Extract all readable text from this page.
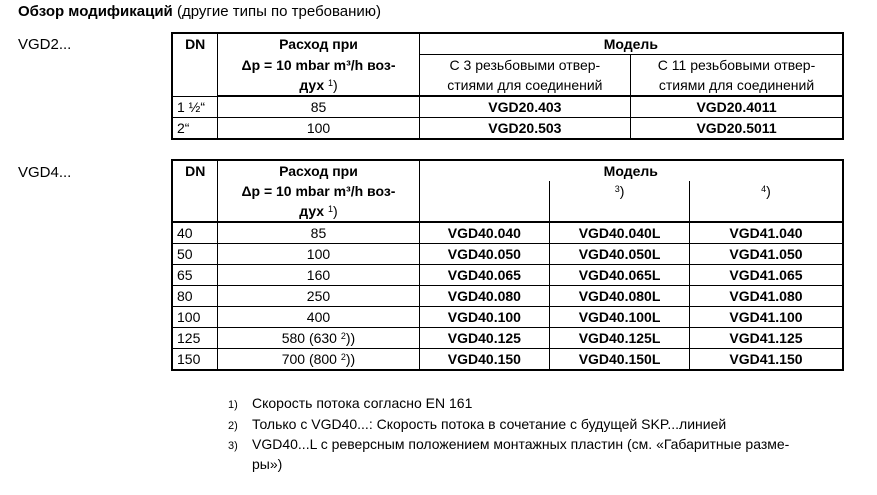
Обзор модификаций (другие типы по требованию)
VGD2...	DN	Расход при	Модель	
	Δp = 10 mbar m³/h воз-	С 3 резьбовыми отвер-	С 11 резьбовыми отвер-
	дух $^1$)	стиями для соединений	стиями для соединений
1 ½“	85	VGD20.403	VGD20.4011
2“	100	VGD20.503	VGD20.5011
VGD4...	DN	Расход при	Модель		
	Δp = 10 mbar m³/h воз-		$^3$)	$^4$)
	дух $^1$)			
40	85	VGD40.040	VGD40.040L	VGD41.040
50	100	VGD40.050	VGD40.050L	VGD41.050
65	160	VGD40.065	VGD40.065L	VGD41.065
80	250	VGD40.080	VGD40.080L	VGD41.080
100	400	VGD40.100	VGD40.100L	VGD41.100
125	580 (630 $^2$))	VGD40.125	VGD40.125L	VGD41.125
150	700 (800 $^2$))	VGD40.150	VGD40.150L	VGD41.150
1) Скорость потока согласно EN 161
2) Только с VGD40...: Скорость потока в сочетание с будущей SKP...линией
3) VGD40...L с реверсным положением монтажных пластин (см. «Габаритные разме-
ры»)
